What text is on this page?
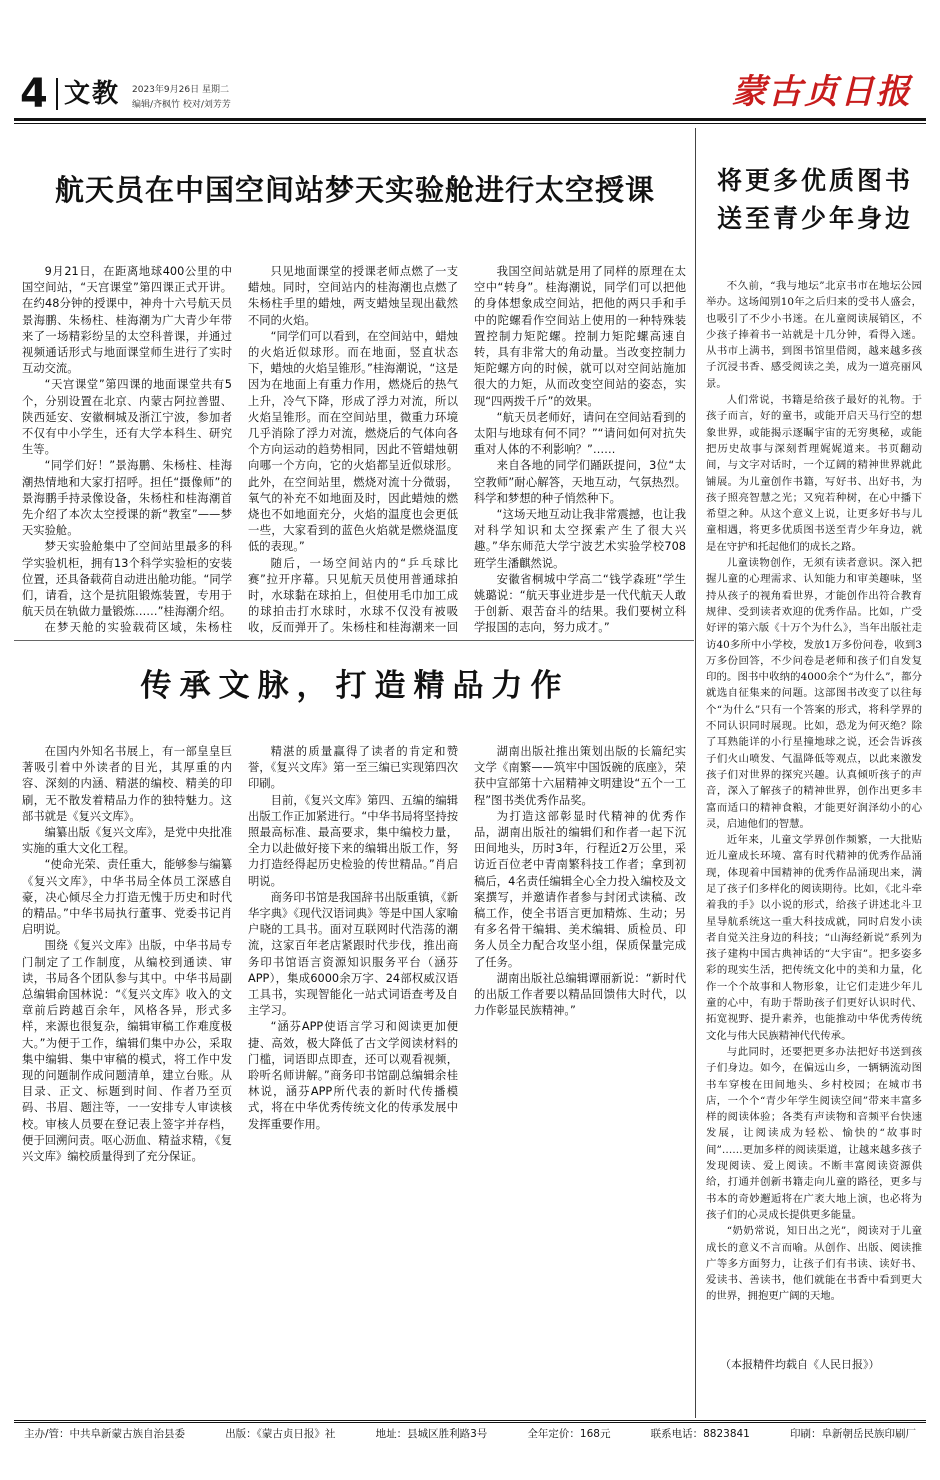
4 文教 2023年9月26日 星期二
编辑/齐枫竹 校对/刘芳芳	蒙古贞日报
航天员在中国空间站梦天实验舱进行太空授课

9月21日，在距离地球400公里的中国空间站，“天宫课堂”第四课正式开讲。在约48分钟的授课中，神舟十六号航天员景海鹏、朱杨柱、桂海潮为广大青少年带来了一场精彩纷呈的太空科普课，并通过视频通话形式与地面课堂师生进行了实时互动交流。

“天宫课堂”第四课的地面课堂共有5个，分别设置在北京、内蒙古阿拉善盟、陕西延安、安徽桐城及浙江宁波，参加者不仅有中小学生，还有大学本科生、研究生等。

“同学们好！”景海鹏、朱杨柱、桂海潮热情地和大家打招呼。担任“摄像师”的景海鹏手持录像设备，朱杨柱和桂海潮首先介绍了本次太空授课的新“教室”——梦天实验舱。

梦天实验舱集中了空间站里最多的科学实验机柜，拥有13个科学实验柜的安装位置，还具备载荷自动进出舱功能。“同学们，请看，这个是抗阻锻炼装置，专用于航天员在轨做力量锻炼……”桂海潮介绍。

在梦天舱的实验载荷区域，朱杨柱

只见地面课堂的授课老师点燃了一支蜡烛。同时，空间站内的桂海潮也点燃了朱杨柱手里的蜡烛，两支蜡烛呈现出截然不同的火焰。

“同学们可以看到，在空间站中，蜡烛的火焰近似球形。而在地面，竖直状态下，蜡烛的火焰呈锥形。”桂海潮说，“这是因为在地面上有重力作用，燃烧后的热气上升，冷气下降，形成了浮力对流，所以火焰呈锥形。而在空间站里，微重力环境几乎消除了浮力对流，燃烧后的气体向各个方向运动的趋势相同，因此不管蜡烛朝向哪一个方向，它的火焰都呈近似球形。此外，在空间站里，燃烧对流十分微弱，氧气的补充不如地面及时，因此蜡烛的燃烧也不如地面充分，火焰的温度也会更低一些，大家看到的蓝色火焰就是燃烧温度低的表现。”

随后，一场空间站内的“乒乓球比赛”拉开序幕。只见航天员使用普通球拍时，水球黏在球拍上，但使用毛巾加工成的球拍击打水球时，水球不仅没有被吸收，反而弹开了。朱杨柱和桂海潮来一回

我国空间站就是用了同样的原理在太空中“转身”。桂海潮说，同学们可以把他的身体想象成空间站，把他的两只手和手中的陀螺看作空间站上使用的一种特殊装置控制力矩陀螺。控制力矩陀螺高速自转，具有非常大的角动量。当改变控制力矩陀螺方向的时候，就可以对空间站施加很大的力矩，从而改变空间站的姿态，实现“四两拨千斤”的效果。

“航天员老师好，请问在空间站看到的太阳与地球有何不同？”“请问如何对抗失重对人体的不利影响？”……

来自各地的同学们踊跃提问，3位“太空教师”耐心解答，天地互动，气氛热烈。科学和梦想的种子悄然种下。

“这场天地互动让我非常震撼，也让我对科学知识和太空探索产生了很大兴趣。”华东师范大学宁波艺术实验学校708班学生潘麒然说。

安徽省桐城中学高二“钱学森班”学生姚璐说：“航天事业进步是一代代航天人敢于创新、艰苦奋斗的结果。我们要树立科学报国的志向，努力成才。”

传承文脉，打造精品力作

在国内外知名书展上，有一部皇皇巨著吸引着中外读者的目光，其厚重的内容、深刻的内涵、精湛的编校、精美的印刷，无不散发着精品力作的独特魅力。这部书就是《复兴文库》。

编纂出版《复兴文库》，是党中央批准实施的重大文化工程。

“使命光荣、责任重大，能够参与编纂《复兴文库》，中华书局全体员工深感自豪，决心倾尽全力打造无愧于历史和时代的精品。”中华书局执行董事、党委书记肖启明说。

围绕《复兴文库》出版，中华书局专门制定了工作制度，从编校到通读、审读，书局各个团队参与其中。中华书局副总编辑俞国林说：“《复兴文库》收入的文章前后跨越百余年，风格各异，形式多样，来源也很复杂，编辑审稿工作难度极大。”为便于工作，编辑们集中办公，采取集中编辑、集中审稿的模式，将工作中发现的问题制作成问题清单，建立台账。从目录、正文、标题到时间、作者乃至页码、书眉、题注等，一一安排专人审读核校。审核人员要在登记表上签字并存档，便于回溯问责。呕心沥血、精益求精，《复兴文库》编校质量得到了充分保证。

精湛的质量赢得了读者的肯定和赞誉，《复兴文库》第一至三编已实现第四次印刷。

目前，《复兴文库》第四、五编的编辑出版工作正加紧进行。“中华书局将坚持按照最高标准、最高要求，集中编校力量，全力以赴做好接下来的编辑出版工作，努力打造经得起历史检验的传世精品。”肖启明说。

商务印书馆是我国辞书出版重镇，《新华字典》《现代汉语词典》等是中国人家喻户晓的工具书。面对互联网时代浩荡的潮流，这家百年老店紧跟时代步伐，推出商务印书馆语言资源知识服务平台（涵芬APP），集成6000余万字、24部权威汉语工具书，实现智能化一站式词语查考及自主学习。

“涵芬APP使语言学习和阅读更加便捷、高效，极大降低了古文学阅读材料的门槛，词语即点即查，还可以观看视频，聆听名师讲解。”商务印书馆副总编辑余桂林说，涵芬APP所代表的新时代传播模式，将在中华优秀传统文化的传承发展中发挥重要作用。

湖南出版社推出策划出版的长篇纪实文学《南繁——筑牢中国饭碗的底座》，荣获中宣部第十六届精神文明建设“五个一工程”图书类优秀作品奖。

为打造这部彰显时代精神的优秀作品，湖南出版社的编辑们和作者一起下沉田间地头，历时3年，行程近2万公里，采访近百位老中青南繁科技工作者；拿到初稿后，4名责任编辑全心全力投入编校及文案撰写，并邀请作者参与封闭式读稿、改稿工作，使全书语言更加精炼、生动；另有多名骨干编辑、美术编辑、质检员、印务人员全力配合攻坚小组，保质保量完成了任务。

湖南出版社总编辑谭丽新说：“新时代的出版工作者要以精品回馈伟大时代，以力作彰显民族精神。”

将更多优质图书
送至青少年身边

不久前，“我与地坛”北京书市在地坛公园举办。这场闻别10年之后归来的受书人盛会，也吸引了不少小书迷。在儿童阅读展销区，不少孩子捧着书一站就是十几分钟，看得入迷。从书市上满书，到图书馆里借阅，越来越多孩子沉浸书香、感受阅读之美，成为一道亮丽风景。

人们常说，书籍是给孩子最好的礼物。于孩子而言，好的童书，或能开启天马行空的想象世界，或能揭示逐瞩宇宙的无穷奥秘，或能把历史故事与深刻哲理娓娓道来。书页翻动间，与文字对话时，一个辽阔的精神世界就此铺展。为儿童创作书籍，写好书、出好书，为孩子照亮智慧之光；又宛若种树，在心中播下希望之种。从这个意义上说，让更多好书与儿童相遇，将更多优质图书送至青少年身边，就是在守护和托起他们的成长之路。

儿童读物创作，无须有读者意识。深入把握儿童的心理需求、认知能力和审美趣味，坚持从孩子的视角看世界，才能创作出符合教育规律、受到读者欢迎的优秀作品。比如，广受好评的第六版《十万个为什么》，当年出版社走访40多所中小学校，发放1万多份问卷，收到3万多份回答，不少问卷是老师和孩子们自发复印的。图书中收纳的4000余个“为什么”，都分就选自征集来的问题。这部图书改变了以往每个“为什么”只有一个答案的形式，将科学界的不同认识同时展现。比如，恐龙为何灭绝？除了耳熟能详的小行星撞地球之说，还会告诉孩子们火山喷发、气温降低等观点，以此来激发孩子们对世界的探究兴趣。认真倾听孩子的声音，深入了解孩子的精神世界，创作出更多丰富而适口的精神食粮，才能更好润泽幼小的心灵，启迪他们的智慧。

近年来，儿童文学界创作频繁，一大批贴近儿童成长环境、富有时代精神的优秀作品涌现，体现着中国精神的优秀作品涌现出来，满足了孩子们多样化的阅读期待。比如，《北斗牵着我的手》以小说的形式，给孩子讲述北斗卫星导航系统这一重大科技成就，同时启发小读者自觉关注身边的科技；“山海经新说”系列为孩子建构中国古典神话的“大宇宙”。把多姿多彩的现实生活，把传统文化中的美和力量，化作一个个故事和人物形象，让它们走进少年儿童的心中，有助于帮助孩子们更好认识时代、拓宽视野、提升素养，也能推动中华优秀传统文化与伟大民族精神代代传承。

与此同时，还要把更多办法把好书送到孩子们身边。如今，在偏远山乡，一辆辆流动图书车穿梭在田间地头、乡村校园；在城市书店，一个个“青少年学生阅读空间”带来丰富多样的阅读体验；各类有声读物和音频平台快速发展，让阅读成为轻松、愉快的“故事时间”……更加多样的阅读渠道，让越来越多孩子发现阅读、爱上阅读。不断丰富阅读资源供给，打通并创新书籍走向儿童的路径，更多与书本的奇妙邂逅将在广袤大地上演，也必将为孩子们的心灵成长提供更多能量。

“奶奶常说，知日出之光”，阅读对于儿童成长的意义不言而喻。从创作、出版、阅读推广等多方面努力，让孩子们有书读、读好书、爱读书、善读书，他们就能在书香中看到更大的世界，拥抱更广阔的天地。

（本报精件均载自《人民日报》）
主办/管：中共阜新蒙古族自治县委	出版：《蒙古贞日报》社	地址：县城区胜利路3号	全年定价：168元	联系电话：8823841	印刷：阜新朝岳民族印刷厂
